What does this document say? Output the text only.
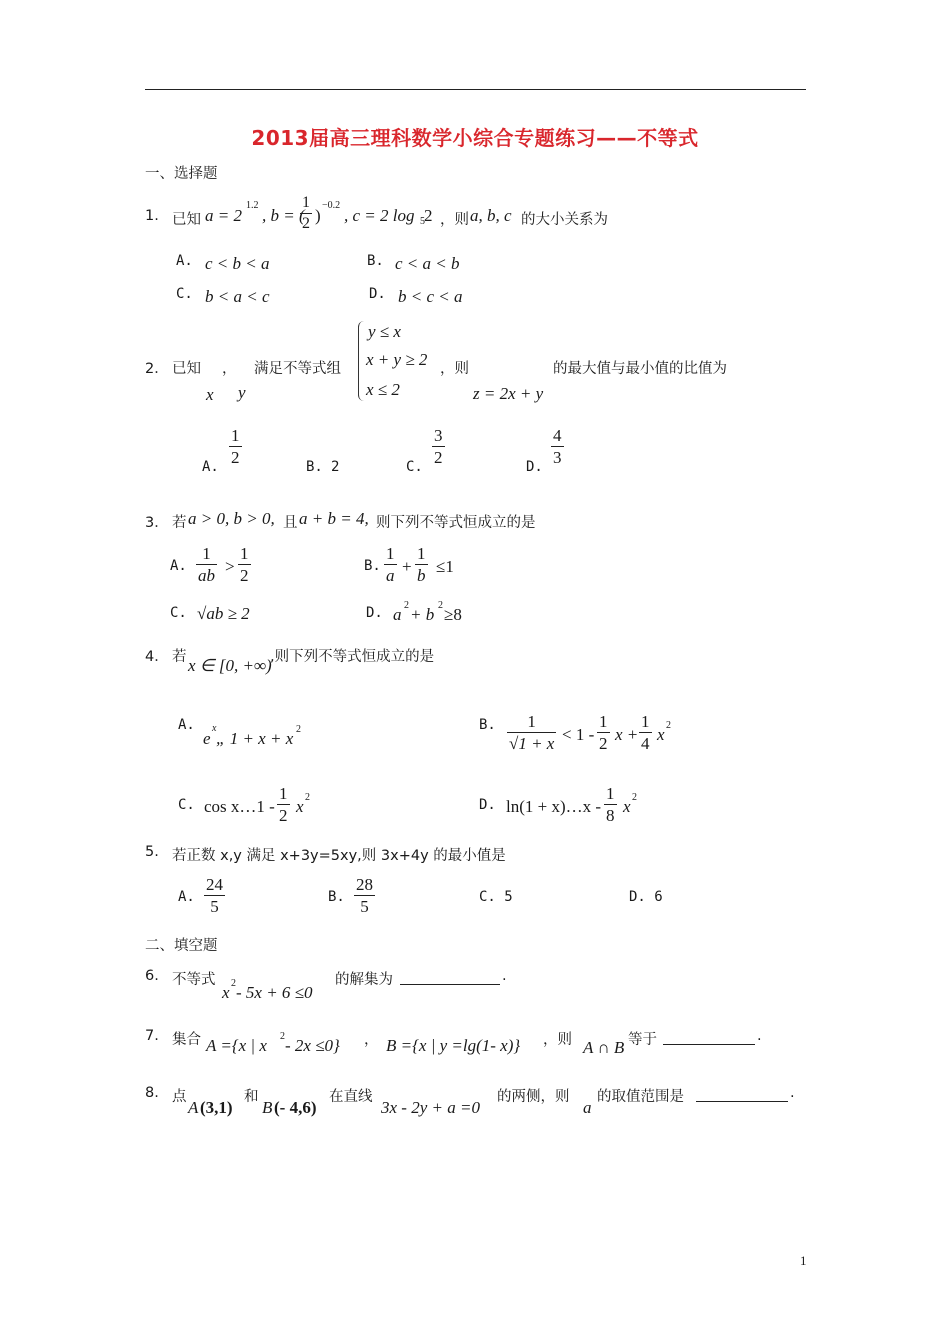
2013届高三理科数学小综合专题练习——不等式
一、选择题
1. 已知 a = 2
1.2
, b = (
$\frac{1}{2}$ )
−0.2
, c = 2 log 5 2 ，则 a, b, c 的大小关系为
A. c < b < a	B. c < a < b
C. b < a < c	D. b < c < a
2． 已知 ， 满足不等式组
x y
y ≤ x
x + y ≥ 2
x ≤ 2
，则
z = 2x + y
的最大值与最小值的比值为
A.
$\frac{1}{2}$
B. 2	C.
$\frac{3}{2}$
D.
$\frac{4}{3}$
3． 若 a > 0, b > 0, 且 a + b = 4, 则下列不等式恒成立的是
A. $\frac{1}{ab} > \frac{1}{2}$	B. $\frac{1}{a} + \frac{1}{b} \le 1$
C. √ab ≥ 2	D. a 2 + b 2 ≥8
4． 若 x ∈ [0, +∞)
,则下列不等式恒成立的是
A.
e
x
„ 1 + x + x 2	B. $\frac{1}{√1 + x} < 1 - \frac{1}{2}$ $x + \frac{1}{4}$ x 2
C. cos x…1 - $\frac{1}{2}$ x 2	D. ln(1 + x)…x - $\frac{1}{8}$ x 2
5. 若正数 x,y 满足 x+3y=5xy,则 3x+4y 的最小值是
A. $\frac{24}{5}$	B. $\frac{28}{5}$	C. 5	D. 6
二、填空题
6. 不等式
x 2 - 5x + 6 ≤0
的解集为	.
7. 集合 A ={x | x 2 - 2x ≤0} ， B ={x | y =lg(1- x)} ，则 A ∩ B 等于	.
8. 点
A (3,1)
和
B (- 4,6)
在直线
3x - 2y + a =0
的两侧，则
a
的取值范围是	.
1
